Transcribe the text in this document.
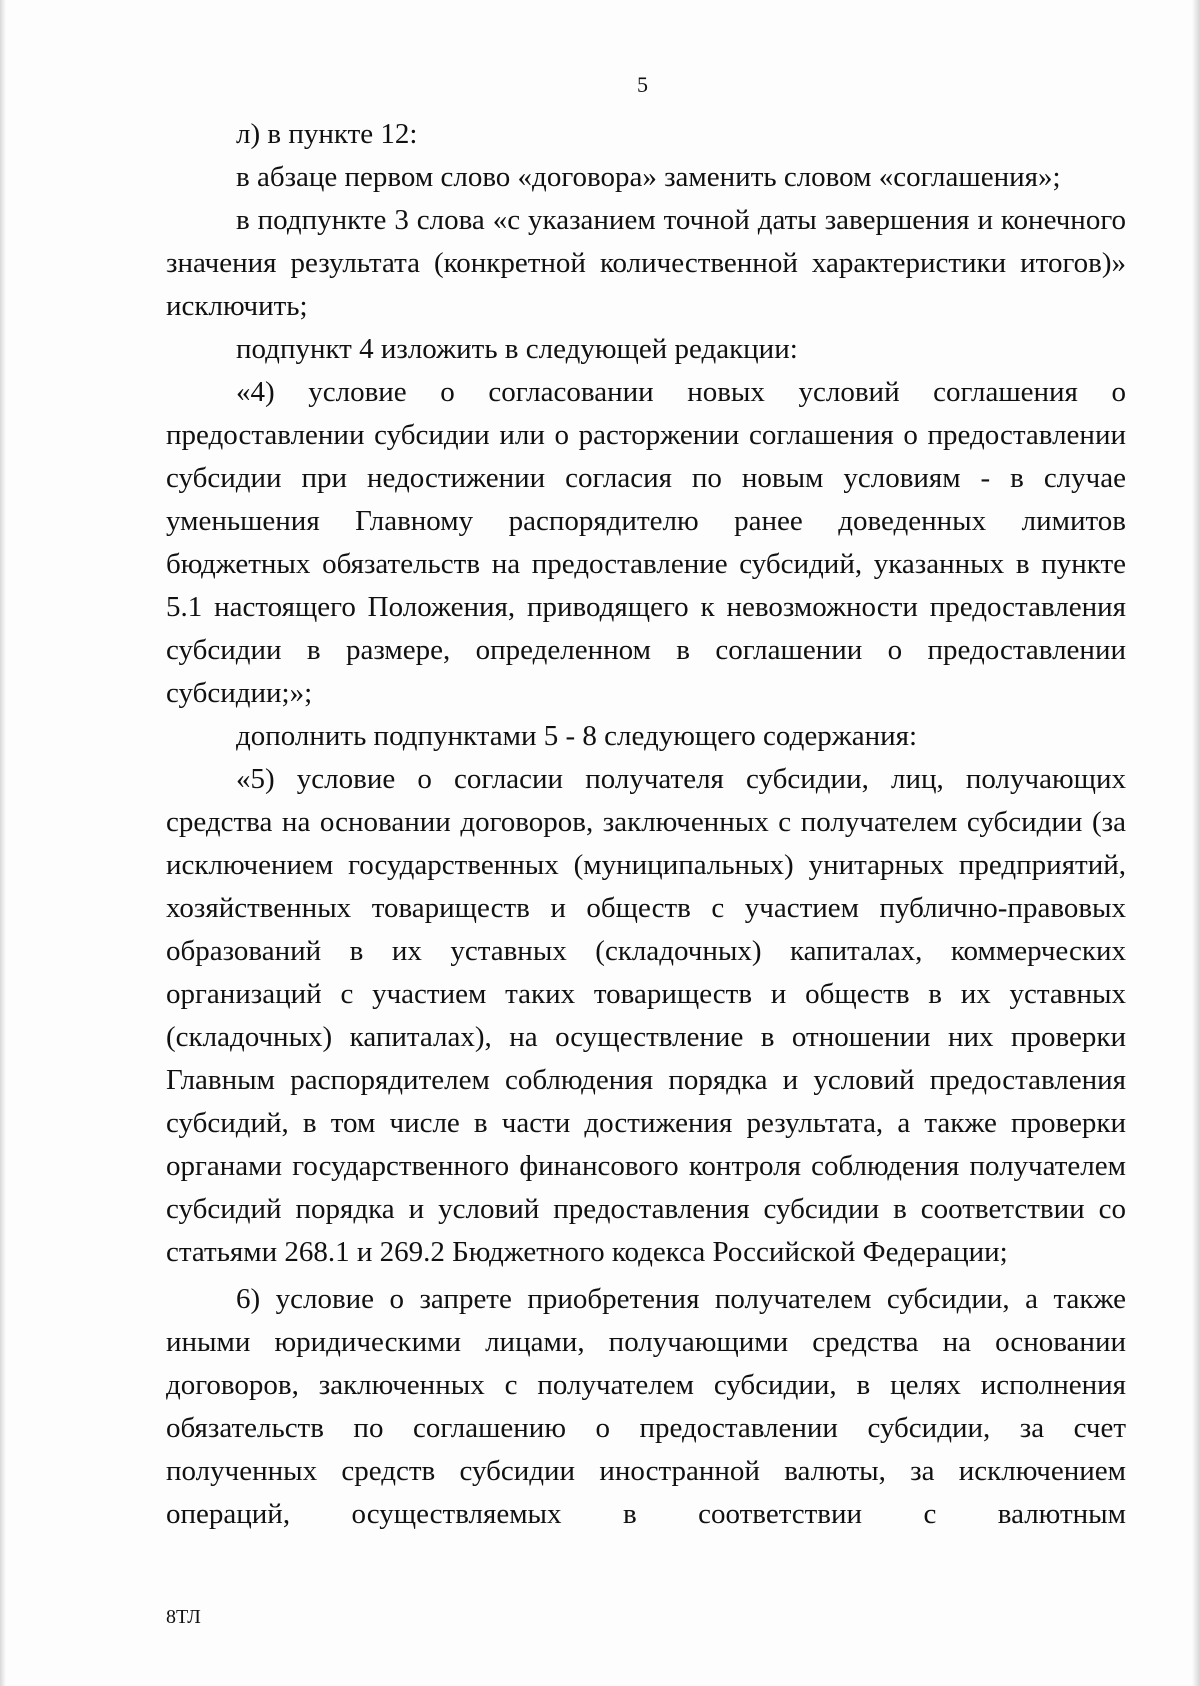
5

л) в пункте 12:

в абзаце первом слово «договора» заменить словом «соглашения»;

в подпункте 3 слова «с указанием точной даты завершения и конечного значения результата (конкретной количественной характеристики итогов)» исключить;

подпункт 4 изложить в следующей редакции:

«4) условие о согласовании новых условий соглашения о предоставлении субсидии или о расторжении соглашения о предоставлении субсидии при недостижении согласия по новым условиям - в случае уменьшения Главному распорядителю ранее доведенных лимитов бюджетных обязательств на предоставление субсидий, указанных в пункте 5.1 настоящего Положения, приводящего к невозможности предоставления субсидии в размере, определенном в соглашении о предоставлении субсидии;»;

дополнить подпунктами 5 - 8 следующего содержания:

«5) условие о согласии получателя субсидии, лиц, получающих средства на основании договоров, заключенных с получателем субсидии (за исключением государственных (муниципальных) унитарных предприятий, хозяйственных товариществ и обществ с участием публично-правовых образований в их уставных (складочных) капиталах, коммерческих организаций с участием таких товариществ и обществ в их уставных (складочных) капиталах), на осуществление в отношении них проверки Главным распорядителем соблюдения порядка и условий предоставления субсидий, в том числе в части достижения результата, а также проверки органами государственного финансового контроля соблюдения получателем субсидий порядка и условий предоставления субсидии в соответствии со статьями 268.1 и 269.2 Бюджетного кодекса Российской Федерации;

6) условие о запрете приобретения получателем субсидии, а также иными юридическими лицами, получающими средства на основании договоров, заключенных с получателем субсидии, в целях исполнения обязательств по соглашению о предоставлении субсидии, за счет полученных средств субсидии иностранной валюты, за исключением операций, осуществляемых в соответствии с валютным

8ТЛ
